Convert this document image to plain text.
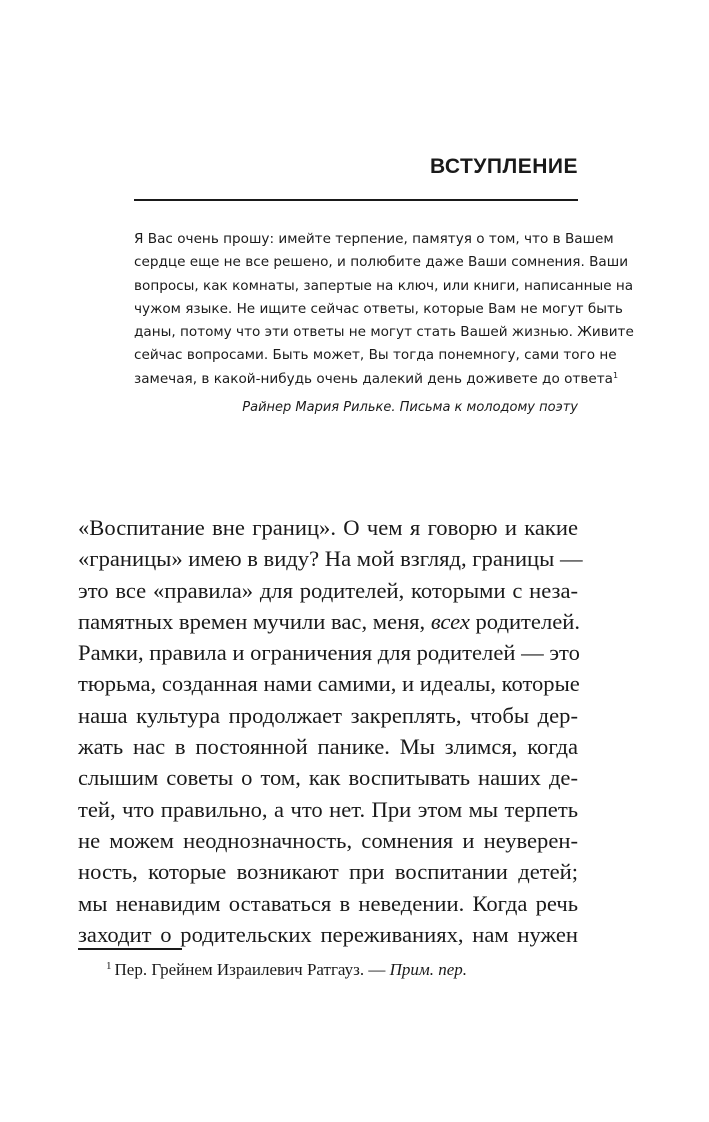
ВСТУПЛЕНИЕ
Я Вас очень прошу: имейте терпение, памятуя о том, что в Вашем
сердце еще не все решено, и полюбите даже Ваши сомнения. Ваши
вопросы, как комнаты, запертые на ключ, или книги, написанные на
чужом языке. Не ищите сейчас ответы, которые Вам не могут быть
даны, потому что эти ответы не могут стать Вашей жизнью. Живите
сейчас вопросами. Быть может, Вы тогда понемногу, сами того не
замечая, в какой-нибудь очень далекий день доживете до ответа$^1$

Райнер Мария Рильке. Письма к молодому поэту

«Воспитание вне границ». О чем я говорю и какие
«границы» имею в виду? На мой взгляд, границы —
это все «правила» для родителей, которыми с неза-
памятных времен мучили вас, меня, всех родителей.
Рамки, правила и ограничения для родителей — это
тюрьма, созданная нами самими, и идеалы, которые
наша культура продолжает закреплять, чтобы дер-
жать нас в постоянной панике. Мы злимся, когда
слышим советы о том, как воспитывать наших де-
тей, что правильно, а что нет. При этом мы терпеть
не можем неоднозначность, сомнения и неуверен-
ность, которые возникают при воспитании детей;
мы ненавидим оставаться в неведении. Когда речь
заходит о родительских переживаниях, нам нужен

$^1$ Пер. Грейнем Израилевич Ратгауз. — Прим. пер.
